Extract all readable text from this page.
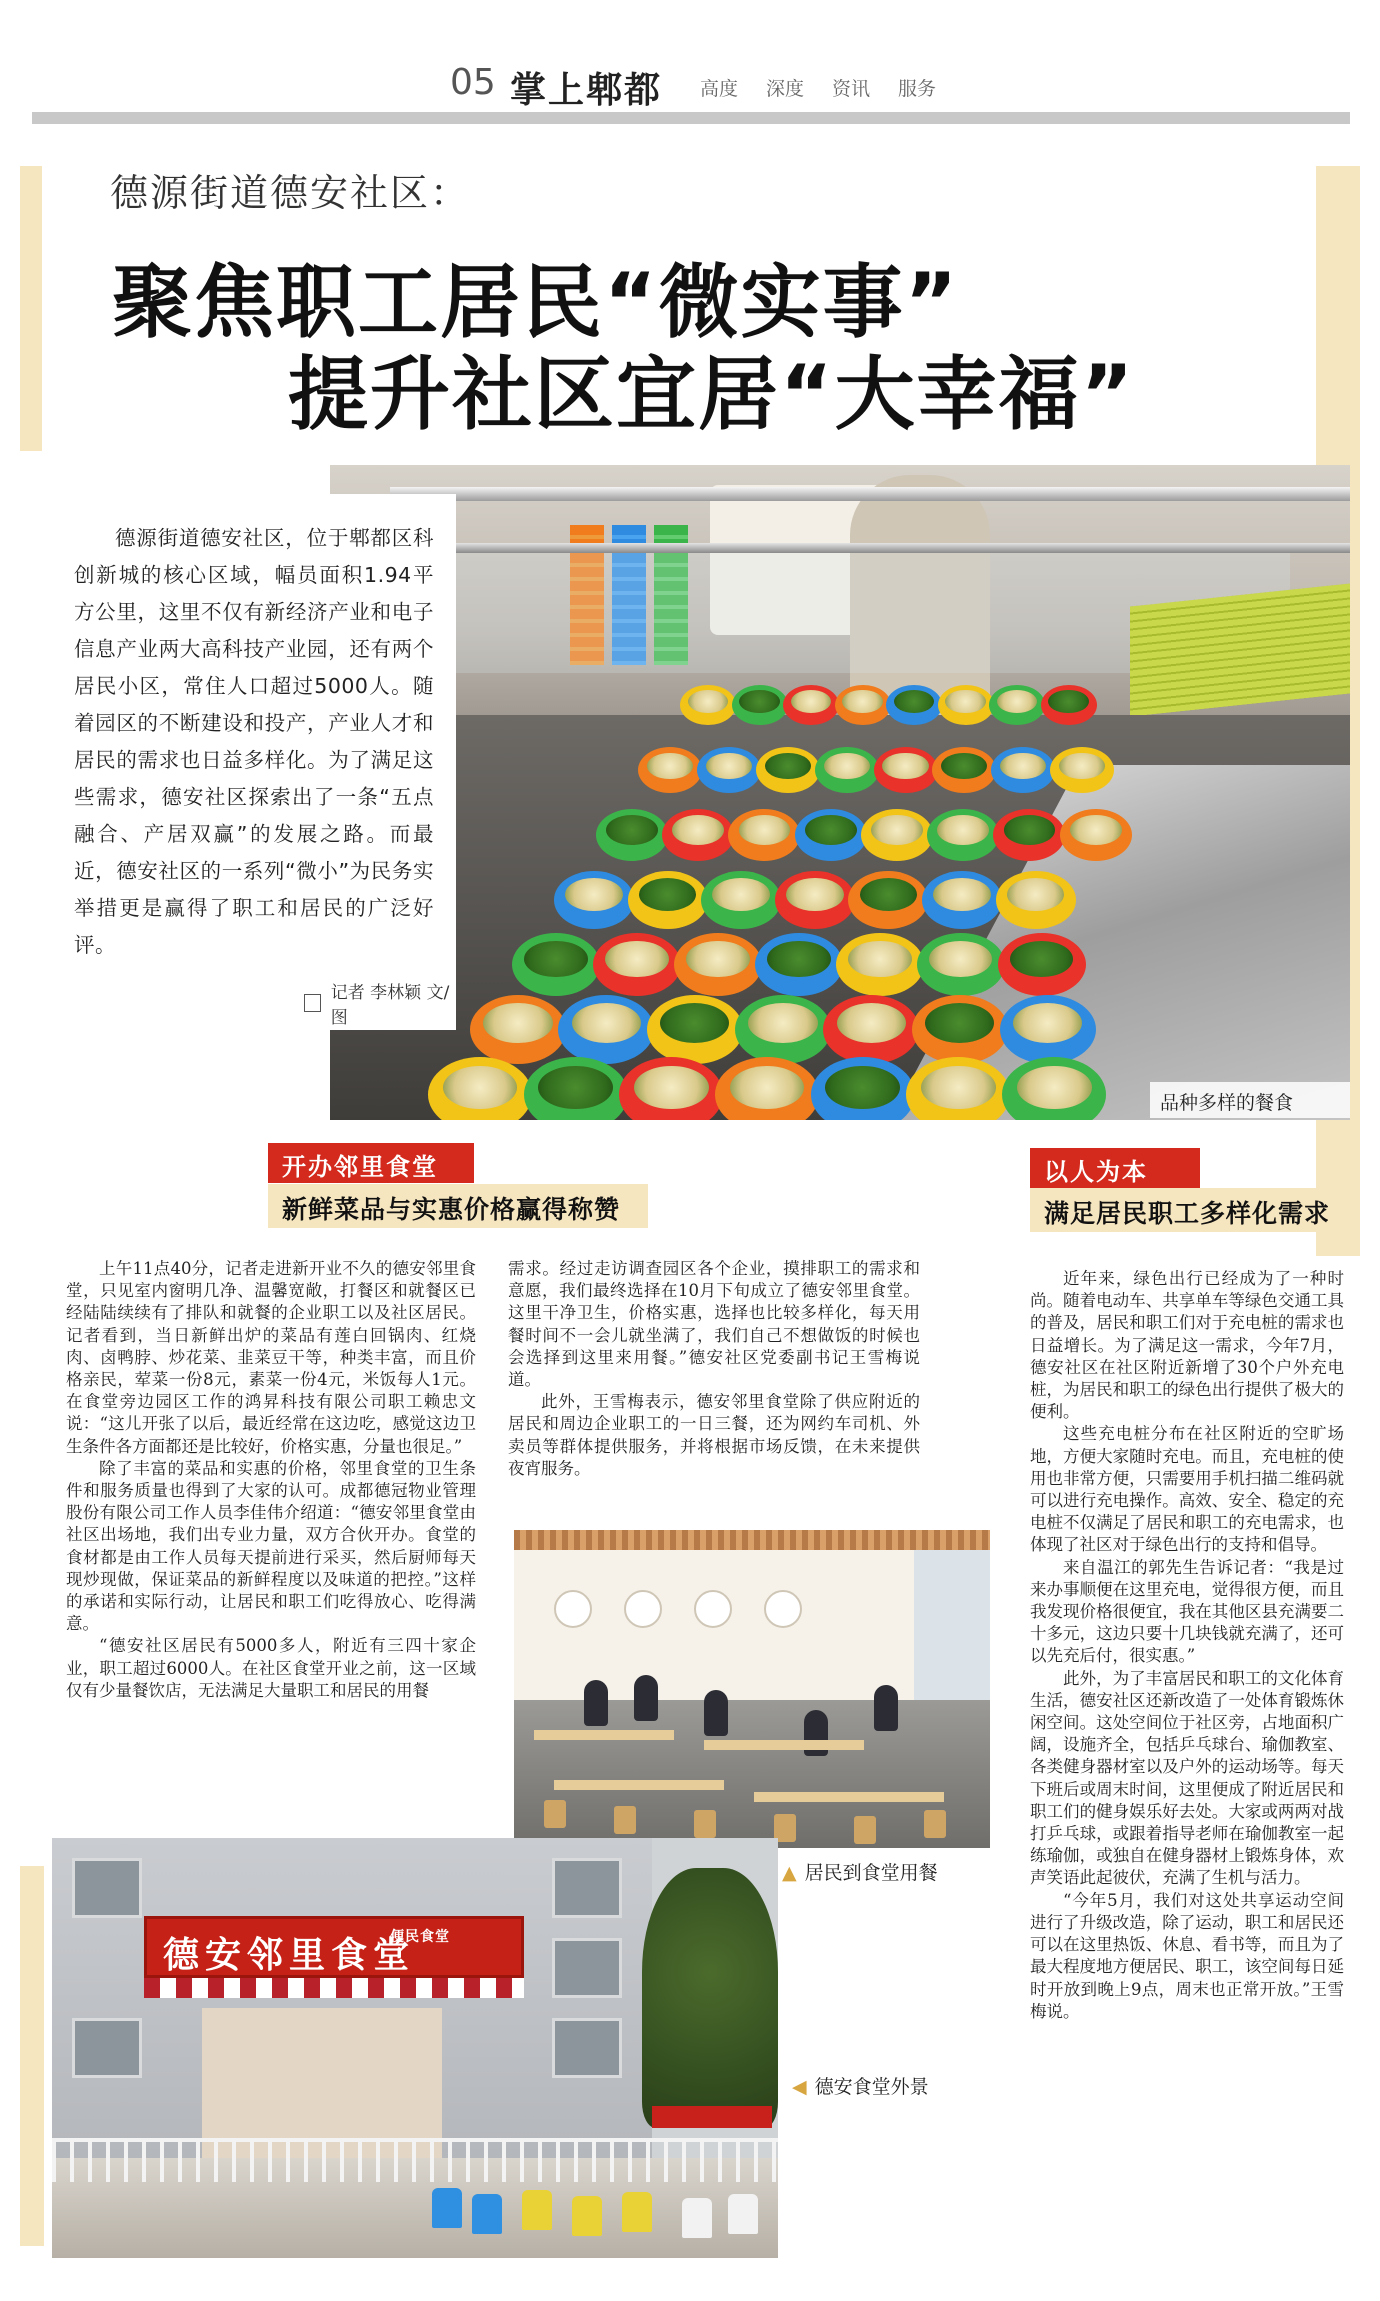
05 掌上郫都 高度 深度 资讯 服务
德源街道德安社区：
聚焦职工居民“微实事”
提升社区宜居“大幸福”
品种多样的餐食

德源街道德安社区，位于郫都区科创新城的核心区域，幅员面积1.94平方公里，这里不仅有新经济产业和电子信息产业两大高科技产业园，还有两个居民小区，常住人口超过5000人。随着园区的不断建设和投产，产业人才和居民的需求也日益多样化。为了满足这些需求，德安社区探索出了一条“五点融合、产居双赢”的发展之路。而最近，德安社区的一系列“微小”为民务实举措更是赢得了职工和居民的广泛好评。

记者 李林颖 文/图
开办邻里食堂
新鲜菜品与实惠价格赢得称赞
以人为本
满足居民职工多样化需求

上午11点40分，记者走进新开业不久的德安邻里食堂，只见室内窗明几净、温馨宽敞，打餐区和就餐区已经陆陆续续有了排队和就餐的企业职工以及社区居民。记者看到，当日新鲜出炉的菜品有莲白回锅肉、红烧肉、卤鸭脖、炒花菜、韭菜豆干等，种类丰富，而且价格亲民，荤菜一份8元，素菜一份4元，米饭每人1元。在食堂旁边园区工作的鸿昇科技有限公司职工赖忠文说：“这儿开张了以后，最近经常在这边吃，感觉这边卫生条件各方面都还是比较好，价格实惠，分量也很足。”

除了丰富的菜品和实惠的价格，邻里食堂的卫生条件和服务质量也得到了大家的认可。成都德冠物业管理股份有限公司工作人员李佳伟介绍道：“德安邻里食堂由社区出场地，我们出专业力量，双方合伙开办。食堂的食材都是由工作人员每天提前进行采买，然后厨师每天现炒现做，保证菜品的新鲜程度以及味道的把控。”这样的承诺和实际行动，让居民和职工们吃得放心、吃得满意。

“德安社区居民有5000多人，附近有三四十家企业，职工超过6000人。在社区食堂开业之前，这一区域仅有少量餐饮店，无法满足大量职工和居民的用餐

需求。经过走访调查园区各个企业，摸排职工的需求和意愿，我们最终选择在10月下旬成立了德安邻里食堂。这里干净卫生，价格实惠，选择也比较多样化，每天用餐时间不一会儿就坐满了，我们自己不想做饭的时候也会选择到这里来用餐。”德安社区党委副书记王雪梅说道。

此外，王雪梅表示，德安邻里食堂除了供应附近的居民和周边企业职工的一日三餐，还为网约车司机、外卖员等群体提供服务，并将根据市场反馈，在未来提供夜宵服务。

▲ 居民到食堂用餐
德安邻里食堂
便民食堂
◀ 德安食堂外景

近年来，绿色出行已经成为了一种时尚。随着电动车、共享单车等绿色交通工具的普及，居民和职工们对于充电桩的需求也日益增长。为了满足这一需求，今年7月，德安社区在社区附近新增了30个户外充电桩，为居民和职工的绿色出行提供了极大的便利。

这些充电桩分布在社区附近的空旷场地，方便大家随时充电。而且，充电桩的使用也非常方便，只需要用手机扫描二维码就可以进行充电操作。高效、安全、稳定的充电桩不仅满足了居民和职工的充电需求，也体现了社区对于绿色出行的支持和倡导。

来自温江的郭先生告诉记者：“我是过来办事顺便在这里充电，觉得很方便，而且我发现价格很便宜，我在其他区县充满要二十多元，这边只要十几块钱就充满了，还可以先充后付，很实惠。”

此外，为了丰富居民和职工的文化体育生活，德安社区还新改造了一处体育锻炼休闲空间。这处空间位于社区旁，占地面积广阔，设施齐全，包括乒乓球台、瑜伽教室、各类健身器材室以及户外的运动场等。每天下班后或周末时间，这里便成了附近居民和职工们的健身娱乐好去处。大家或两两对战打乒乓球，或跟着指导老师在瑜伽教室一起练瑜伽，或独自在健身器材上锻炼身体，欢声笑语此起彼伏，充满了生机与活力。

“今年5月，我们对这处共享运动空间进行了升级改造，除了运动，职工和居民还可以在这里热饭、休息、看书等，而且为了最大程度地方便居民、职工，该空间每日延时开放到晚上9点，周末也正常开放。”王雪梅说。
